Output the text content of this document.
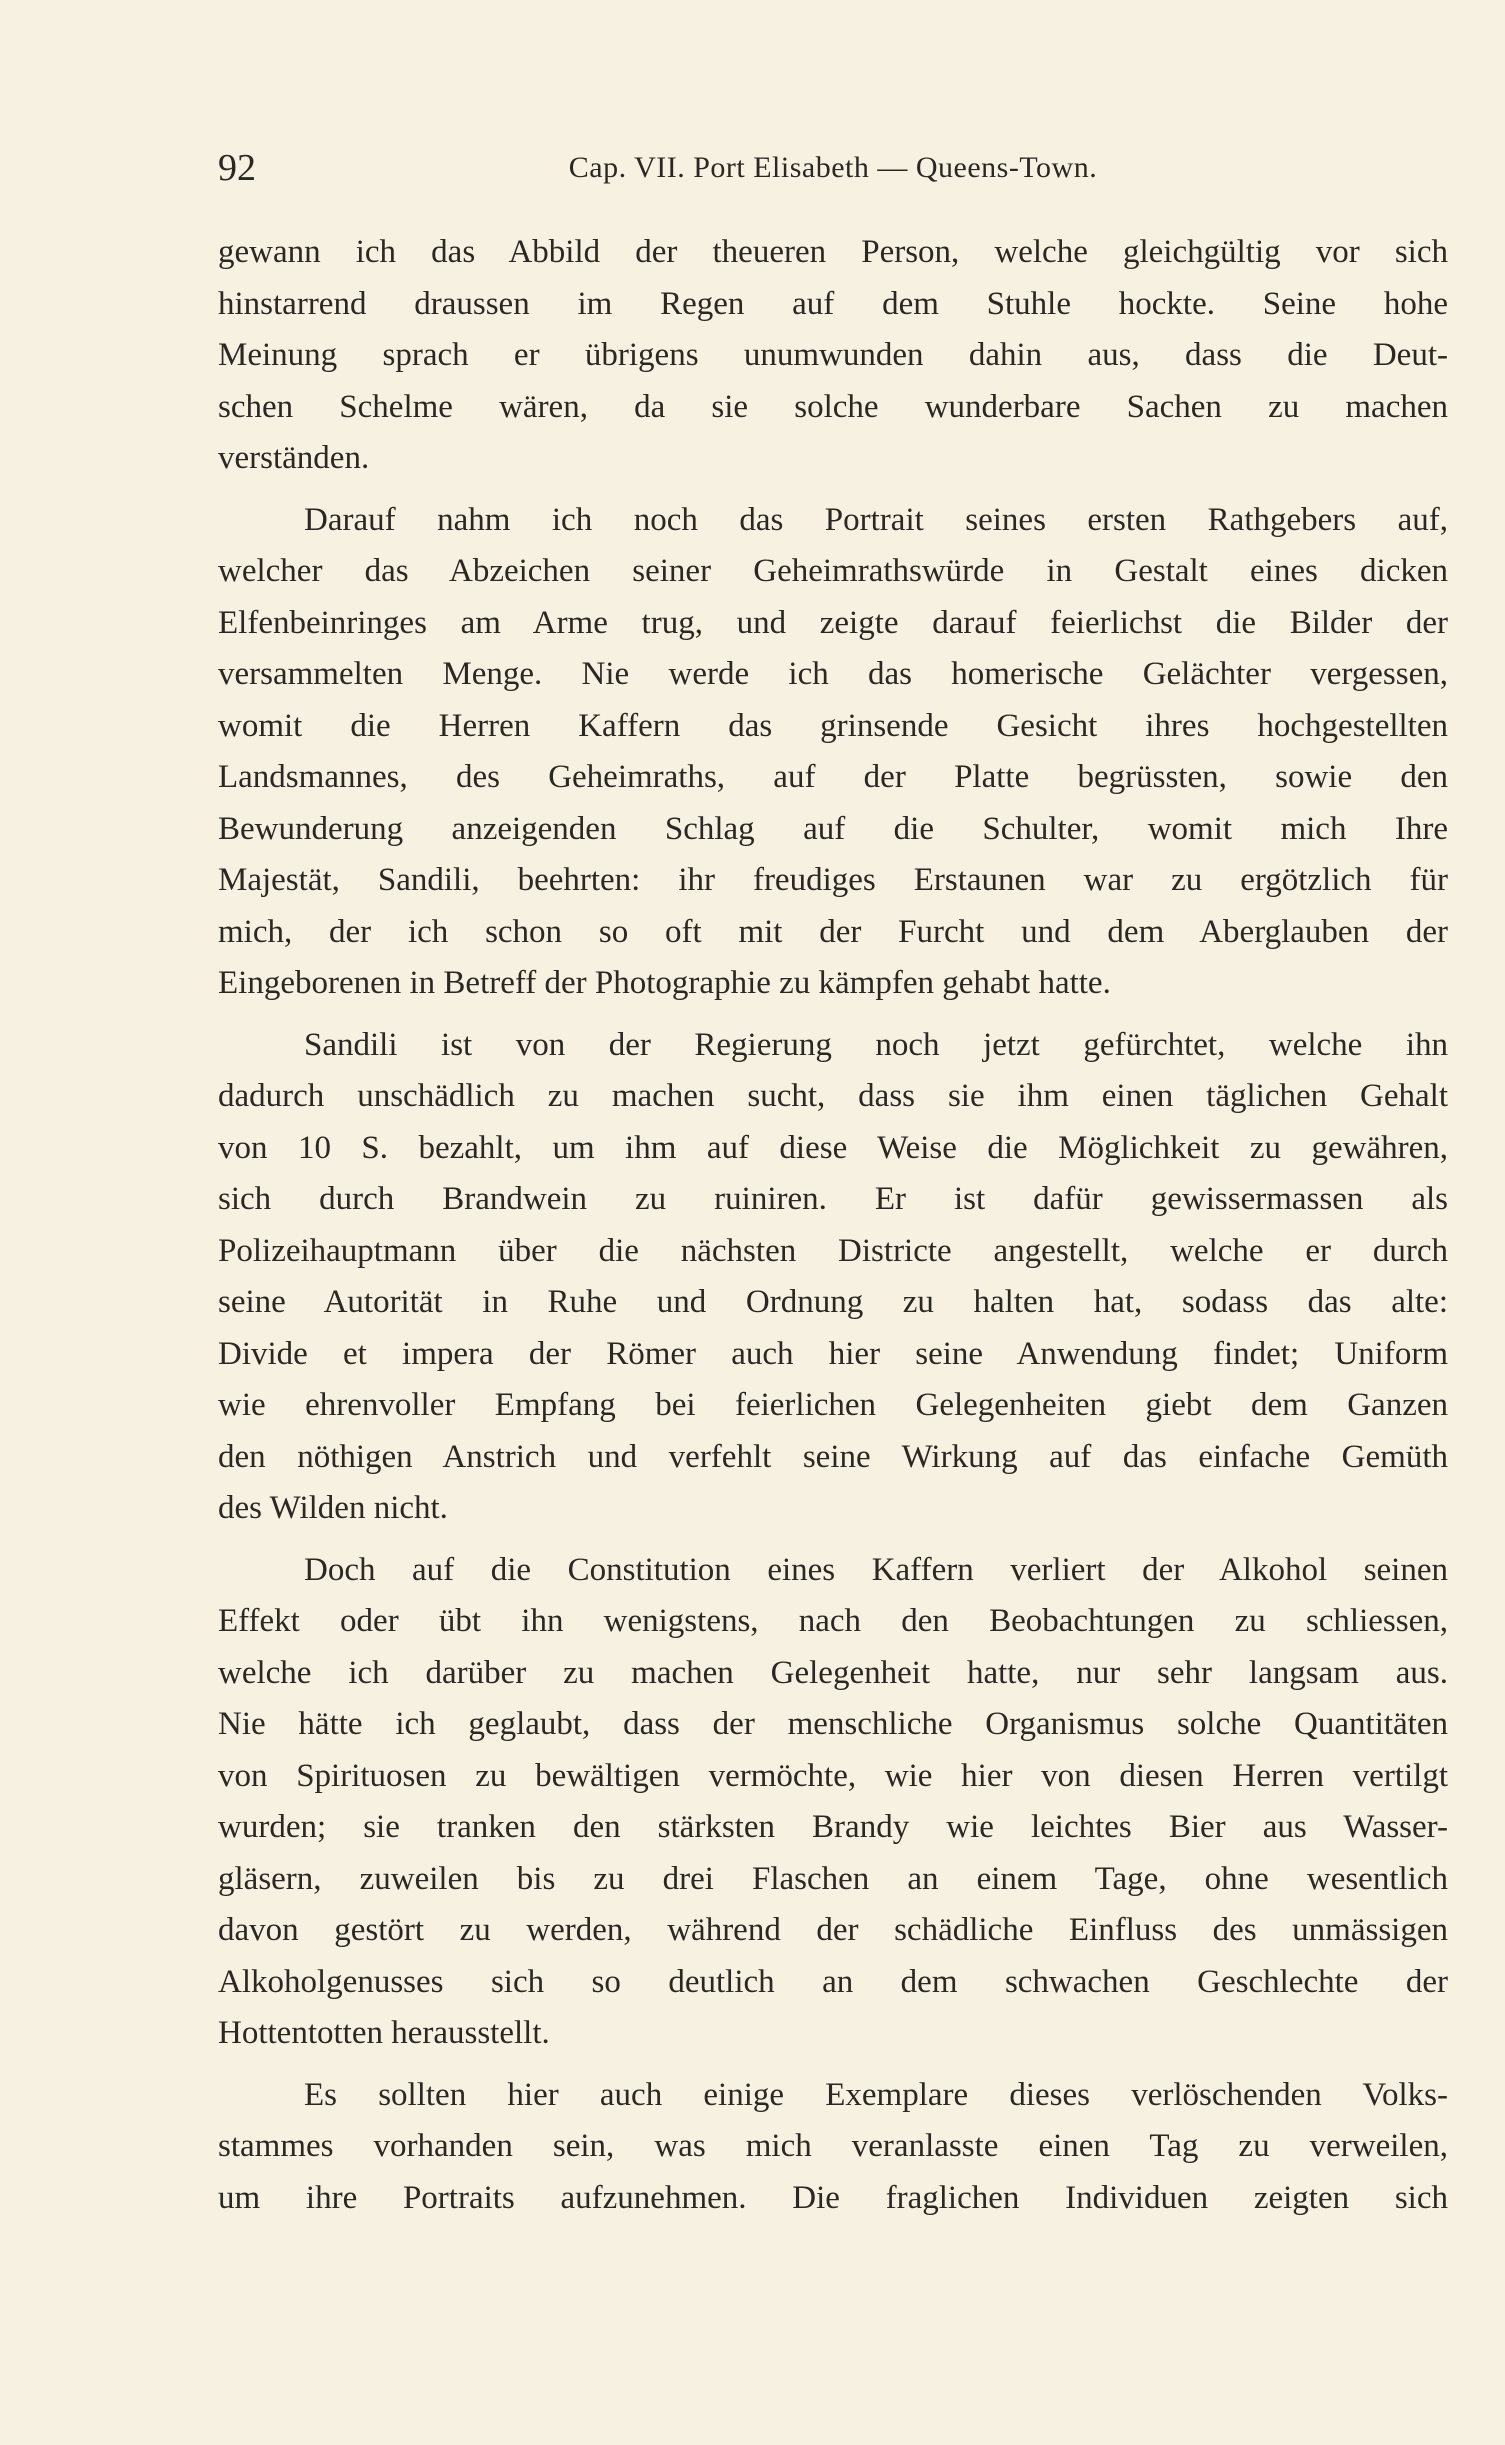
92	Cap. VII. Port Elisabeth — Queens-Town.
gewann ich das Abbild der theueren Person, welche gleichgültig vor sich
hinstarrend draussen im Regen auf dem Stuhle hockte. Seine hohe
Meinung sprach er übrigens unumwunden dahin aus, dass die Deut-
schen Schelme wären, da sie solche wunderbare Sachen zu machen
verständen.
Darauf nahm ich noch das Portrait seines ersten Rathgebers auf,
welcher das Abzeichen seiner Geheimrathswürde in Gestalt eines dicken
Elfenbeinringes am Arme trug, und zeigte darauf feierlichst die Bilder der
versammelten Menge. Nie werde ich das homerische Gelächter vergessen,
womit die Herren Kaffern das grinsende Gesicht ihres hochgestellten
Landsmannes, des Geheimraths, auf der Platte begrüssten, sowie den
Bewunderung anzeigenden Schlag auf die Schulter, womit mich Ihre
Majestät, Sandili, beehrten: ihr freudiges Erstaunen war zu ergötzlich für
mich, der ich schon so oft mit der Furcht und dem Aberglauben der
Eingeborenen in Betreff der Photographie zu kämpfen gehabt hatte.
Sandili ist von der Regierung noch jetzt gefürchtet, welche ihn
dadurch unschädlich zu machen sucht, dass sie ihm einen täglichen Gehalt
von 10 S. bezahlt, um ihm auf diese Weise die Möglichkeit zu gewähren,
sich durch Brandwein zu ruiniren. Er ist dafür gewissermassen als
Polizeihauptmann über die nächsten Districte angestellt, welche er durch
seine Autorität in Ruhe und Ordnung zu halten hat, sodass das alte:
Divide et impera der Römer auch hier seine Anwendung findet; Uniform
wie ehrenvoller Empfang bei feierlichen Gelegenheiten giebt dem Ganzen
den nöthigen Anstrich und verfehlt seine Wirkung auf das einfache Gemüth
des Wilden nicht.
Doch auf die Constitution eines Kaffern verliert der Alkohol seinen
Effekt oder übt ihn wenigstens, nach den Beobachtungen zu schliessen,
welche ich darüber zu machen Gelegenheit hatte, nur sehr langsam aus.
Nie hätte ich geglaubt, dass der menschliche Organismus solche Quantitäten
von Spirituosen zu bewältigen vermöchte, wie hier von diesen Herren vertilgt
wurden; sie tranken den stärksten Brandy wie leichtes Bier aus Wasser-
gläsern, zuweilen bis zu drei Flaschen an einem Tage, ohne wesentlich
davon gestört zu werden, während der schädliche Einfluss des unmässigen
Alkoholgenusses sich so deutlich an dem schwachen Geschlechte der
Hottentotten herausstellt.
Es sollten hier auch einige Exemplare dieses verlöschenden Volks-
stammes vorhanden sein, was mich veranlasste einen Tag zu verweilen,
um ihre Portraits aufzunehmen. Die fraglichen Individuen zeigten sich
